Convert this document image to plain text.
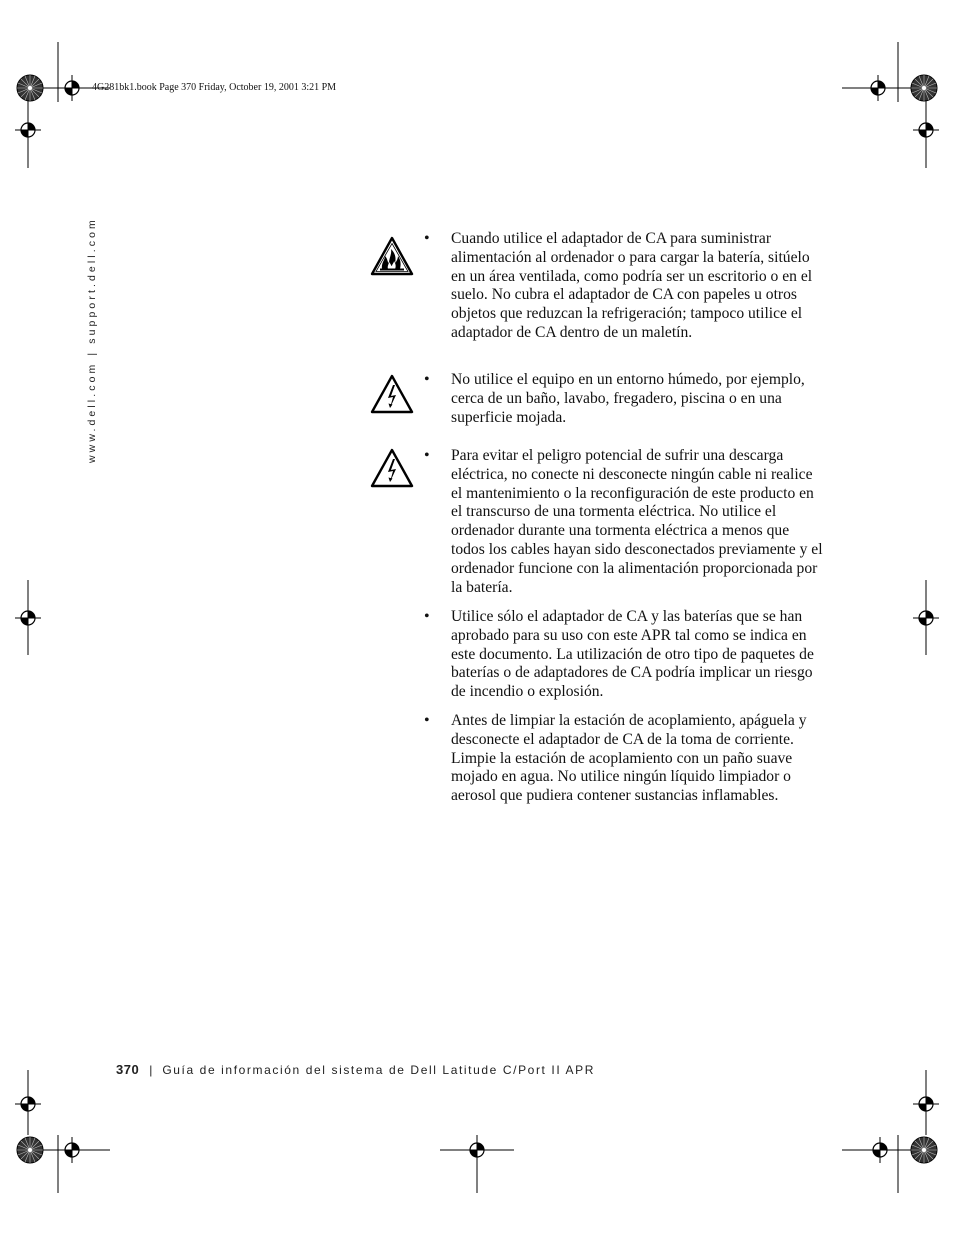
4G281bk1.book Page 370 Friday, October 19, 2001 3:21 PM
www.dell.com | support.dell.com	• Cuando utilice el adaptador de CA para suministrar alimentación al ordenador o para cargar la batería, sitúelo en un área ventilada, como podría ser un escritorio o en el suelo. No cubra el adaptador de CA con papeles u otros objetos que reduzcan la refrigeración; tampoco utilice el adaptador de CA dentro de un maletín.
• No utilice el equipo en un entorno húmedo, por ejemplo, cerca de un baño, lavabo, fregadero, piscina o en una superficie mojada.
• Para evitar el peligro potencial de sufrir una descarga eléctrica, no conecte ni desconecte ningún cable ni realice el mantenimiento o la reconfiguración de este producto en el transcurso de una tormenta eléctrica. No utilice el ordenador durante una tormenta eléctrica a menos que todos los cables hayan sido desconectados previamente y el ordenador funcione con la alimentación proporcionada por la batería.
• Utilice sólo el adaptador de CA y las baterías que se han aprobado para su uso con este APR tal como se indica en este documento. La utilización de otro tipo de paquetes de baterías o de adaptadores de CA podría implicar un riesgo de incendio o explosión.
• Antes de limpiar la estación de acoplamiento, apáguela y desconecte el adaptador de CA de la toma de corriente. Limpie la estación de acoplamiento con un paño suave mojado en agua. No utilice ningún líquido limpiador o aerosol que pudiera contener sustancias inflamables.
370 | Guía de información del sistema de Dell Latitude C/Port II APR
